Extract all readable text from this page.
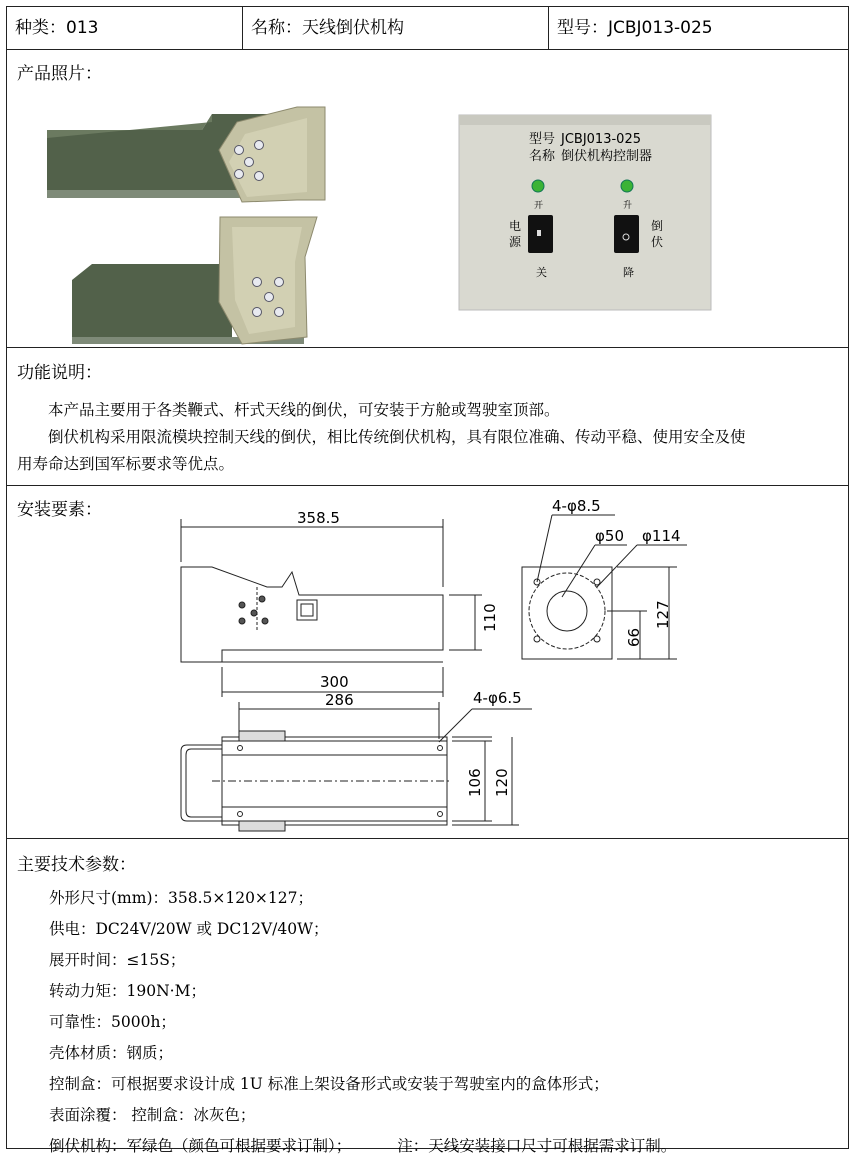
种类：013	名称：天线倒伏机构	型号：JCBJ013-025
产品照片：
型号 JCBJ013-025
名称 倒伏机构控制器
开	升
电
源
关
倒
伏
降
功能说明：
本产品主要用于各类鞭式、杆式天线的倒伏，可安装于方舱或驾驶室顶部。
倒伏机构采用限流模块控制天线的倒伏，相比传统倒伏机构，具有限位准确、传动平稳、使用安全及使
用寿命达到国军标要求等优点。
安装要素：	358.5
110
300
4-φ8.5
φ50 φ114
127
66
286	4-φ6.5
106 120
主要技术参数：
外形尺寸(mm)：358.5×120×127；
供电：DC24V/20W 或 DC12V/40W；
展开时间：≤15S；
转动力矩：190N·M；
可靠性：5000h；
壳体材质：钢质；
控制盒：可根据要求设计成 1U 标准上架设备形式或安装于驾驶室内的盒体形式；
表面涂覆： 控制盒：冰灰色；
倒伏机构：军绿色（颜色可根据要求订制）；	注：天线安装接口尺寸可根据需求订制。
